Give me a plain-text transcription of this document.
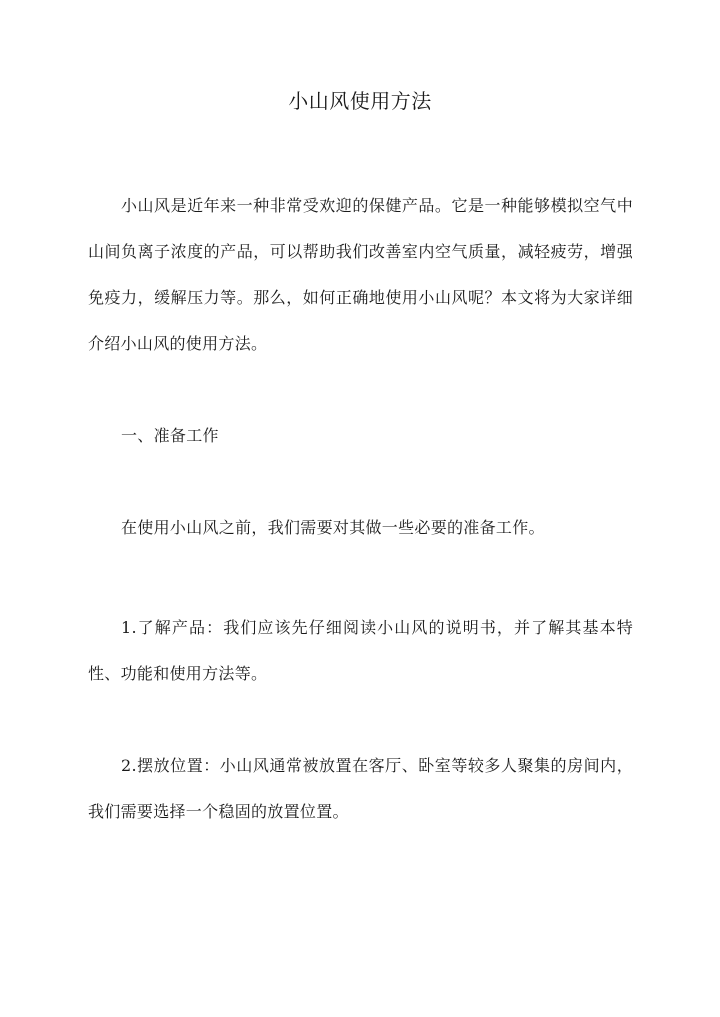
小山风使用方法

小山风是近年来一种非常受欢迎的保健产品。它是一种能够模拟空气中山间负离子浓度的产品，可以帮助我们改善室内空气质量，减轻疲劳，增强免疫力，缓解压力等。那么，如何正确地使用小山风呢？本文将为大家详细介绍小山风的使用方法。

一、准备工作

在使用小山风之前，我们需要对其做一些必要的准备工作。

1.了解产品：我们应该先仔细阅读小山风的说明书，并了解其基本特性、功能和使用方法等。

2.摆放位置：小山风通常被放置在客厅、卧室等较多人聚集的房间内，我们需要选择一个稳固的放置位置。
